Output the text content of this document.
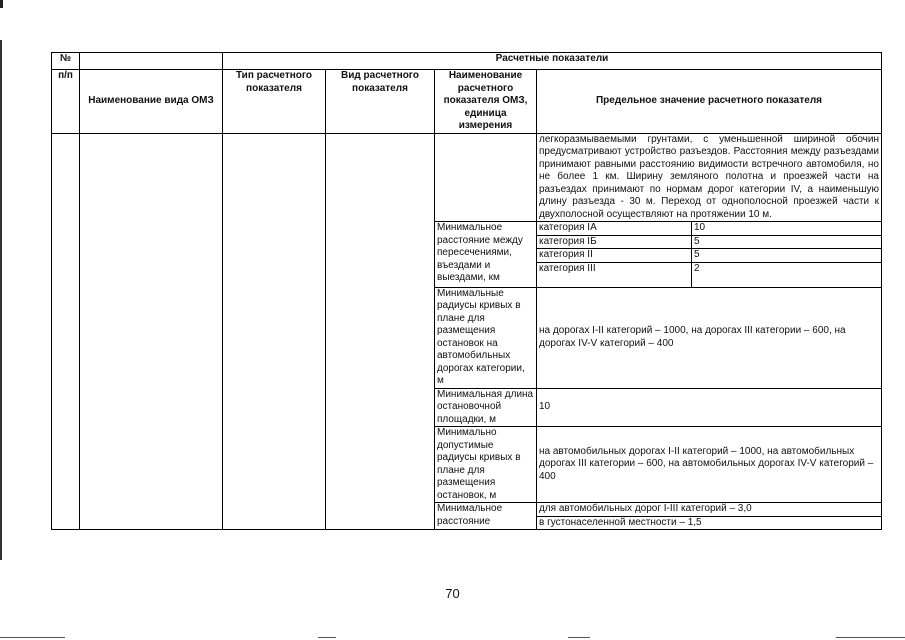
№		Расчетные показатели
п/п	Наименование вида ОМЗ	Тип расчетного показателя	Вид расчетного показателя	Наименование расчетного показателя ОМЗ, единица измерения	Предельное значение расчетного показателя
					легкоразмываемыми грунтами, с уменьшенной шириной обочин предусматривают устройство разъездов. Расстояния между разъездами принимают равными расстоянию видимости встречного автомобиля, но не более 1 км. Ширину земляного полотна и проезжей части на разъездах принимают по нормам дорог категории IV, а наименьшую длину разъезда - 30 м. Переход от однополосной проезжей части к двухполосной осуществляют на протяжении 10 м.
Минимальное расстояние между пересечениями, въездами и выездами, км	
категория IA	10
категория IБ	5
категория II	5
категория III	2

Минимальные радиусы кривых в плане для размещения остановок на автомобильных дорогах категории, м	на дорогах I-II категорий – 1000, на дорогах III категории – 600, на дорогах IV-V категорий – 400
Минимальная длина остановочной площадки, м	10
Минимально допустимые радиусы кривых в плане для размещения остановок, м	на автомобильных дорогах I-II категорий – 1000, на автомобильных дорогах III категории – 600, на автомобильных дорогах IV-V категорий – 400
Минимальное расстояние	для автомобильных дорог I-III категорий – 3,0
в густонаселенной местности – 1,5
70
